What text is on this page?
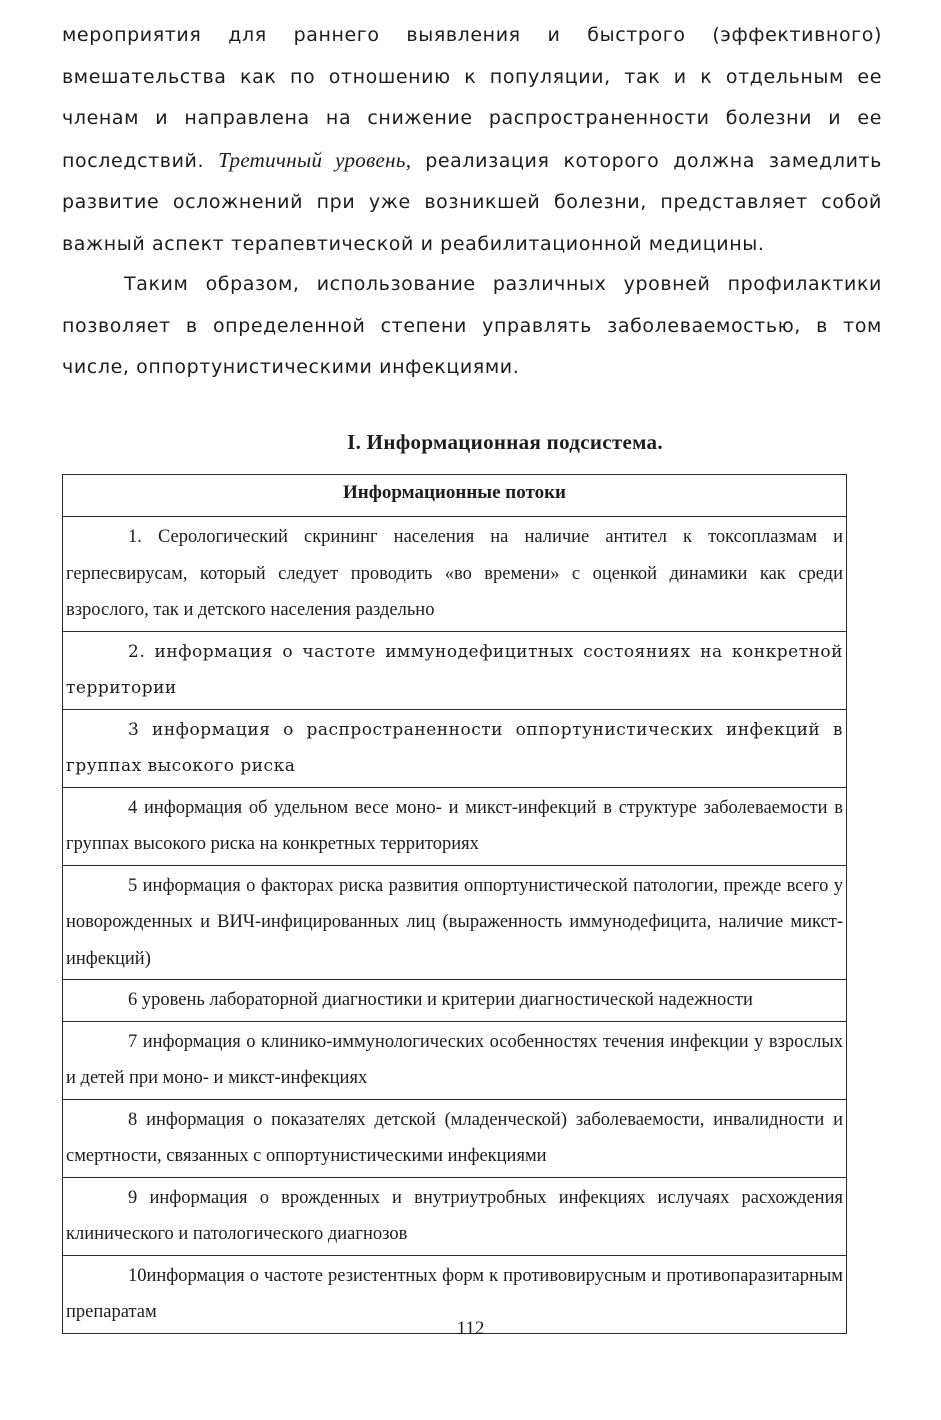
мероприятия для раннего выявления и быстрого (эффективного) вмешательства как по отношению к популяции, так и к отдельным ее членам и направлена на снижение распространенности болезни и ее последствий. Третичный уровень, реализация которого должна замедлить развитие осложнений при уже возникшей болезни, представляет собой важный аспект терапевтической и реабилитационной медицины.

Таким образом, использование различных уровней профилактики позволяет в определенной степени управлять заболеваемостью, в том числе, оппортунистическими инфекциями.

I. Информационная подсистема.
Информационные потоки
1. Серологический скрининг населения на наличие антител к токсоплазмам и герпесвирусам, который следует проводить «во времени» с оценкой динамики как среди взрослого, так и детского населения раздельно
2. информация о частоте иммунодефицитных состояниях на конкретной территории
3 информация о распространенности оппортунистических инфекций в группах высокого риска
4 информация об удельном весе моно- и микст-инфекций в структуре заболеваемости в группах высокого риска на конкретных территориях
5 информация о факторах риска развития оппортунистической патологии, прежде всего у новорожденных и ВИЧ-инфицированных лиц (выраженность иммунодефицита, наличие микст-инфекций)
6 уровень лабораторной диагностики и критерии диагностической надежности
7 информация о клинико-иммунологических особенностях течения инфекции у взрослых и детей при моно- и микст-инфекциях
8 информация о показателях детской (младенческой) заболеваемости, инвалидности и смертности, связанных с оппортунистическими инфекциями
9 информация о врожденных и внутриутробных инфекциях ислучаях расхождения клинического и патологического диагнозов
10информация о частоте резистентных форм к противовирусным и противопаразитарным препаратам
112
